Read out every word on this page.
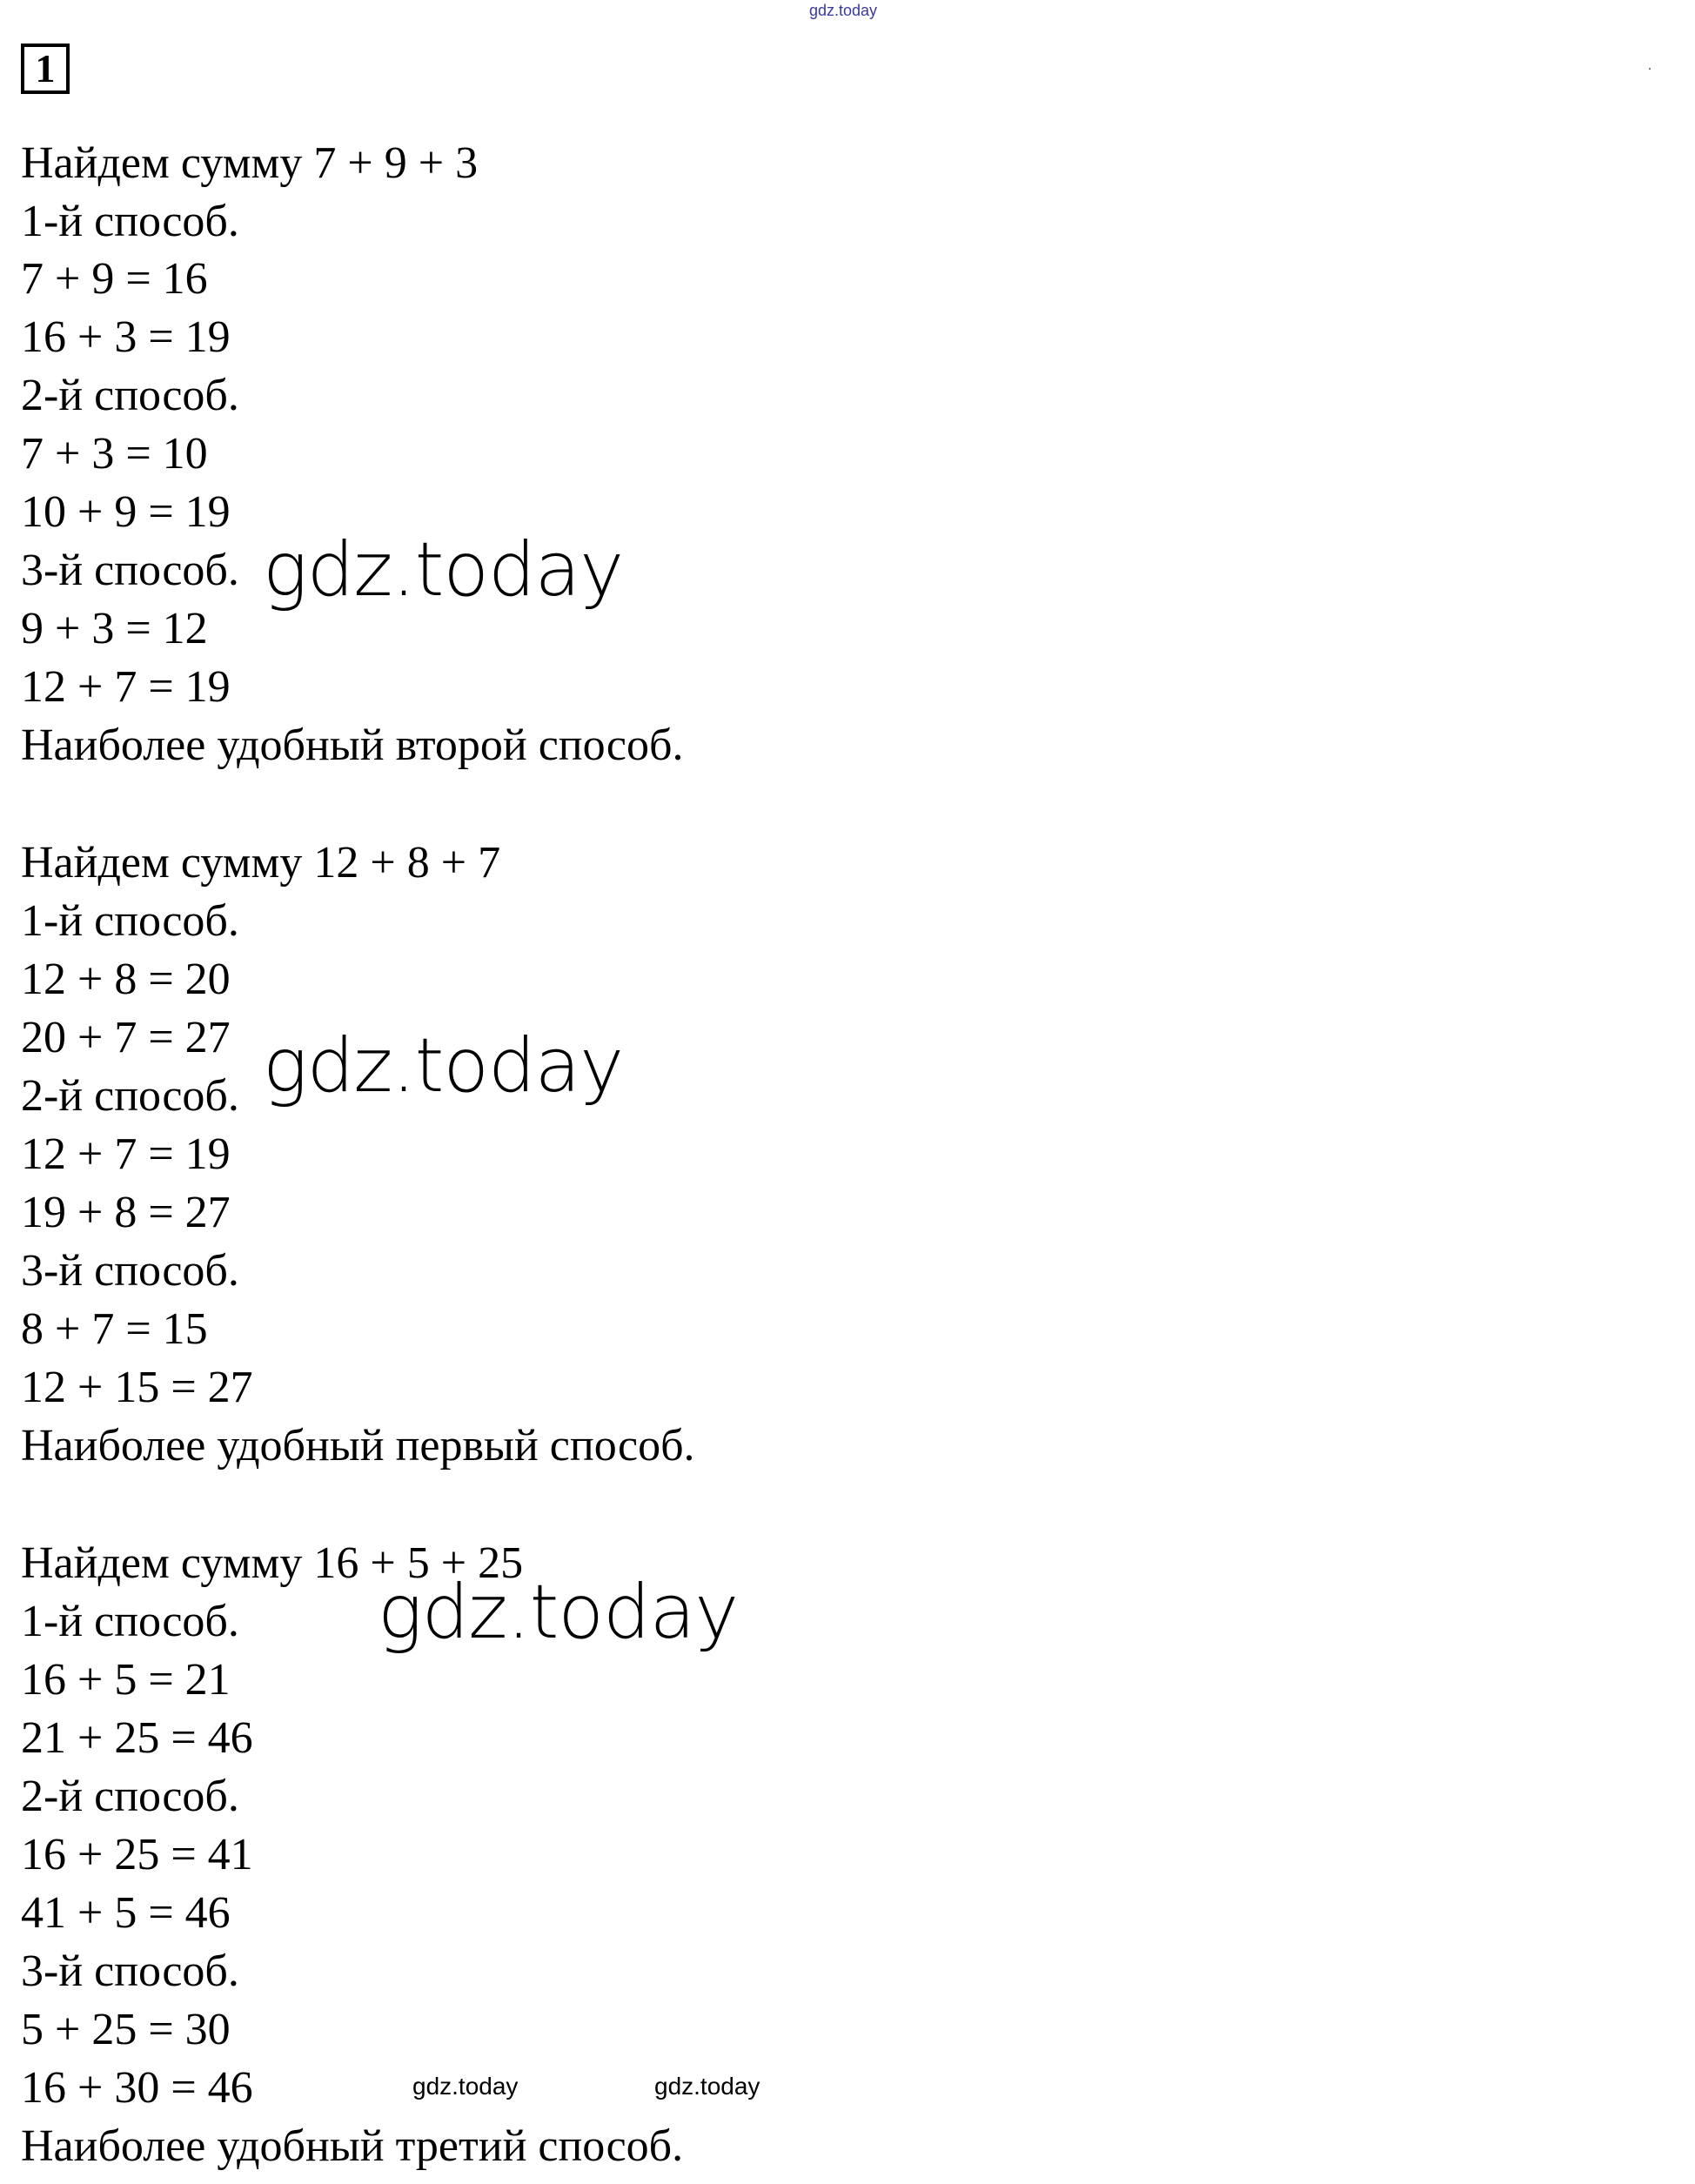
gdz.today
1
Найдем сумму 7 + 9 + 3
1-й способ.
7 + 9 = 16
16 + 3 = 19
2-й способ.
7 + 3 = 10
10 + 9 = 19
3-й способ.
9 + 3 = 12
12 + 7 = 19
Наиболее удобный второй способ.
Найдем сумму 12 + 8 + 7
1-й способ.
12 + 8 = 20
20 + 7 = 27
2-й способ.
12 + 7 = 19
19 + 8 = 27
3-й способ.
8 + 7 = 15
12 + 15 = 27
Наиболее удобный первый способ.
Найдем сумму 16 + 5 + 25
1-й способ.
16 + 5 = 21
21 + 25 = 46
2-й способ.
16 + 25 = 41
41 + 5 = 46
3-й способ.
5 + 25 = 30
16 + 30 = 46
Наиболее удобный третий способ.
gdz.today
gdz.today
gdz.today
gdz.today	gdz.today
